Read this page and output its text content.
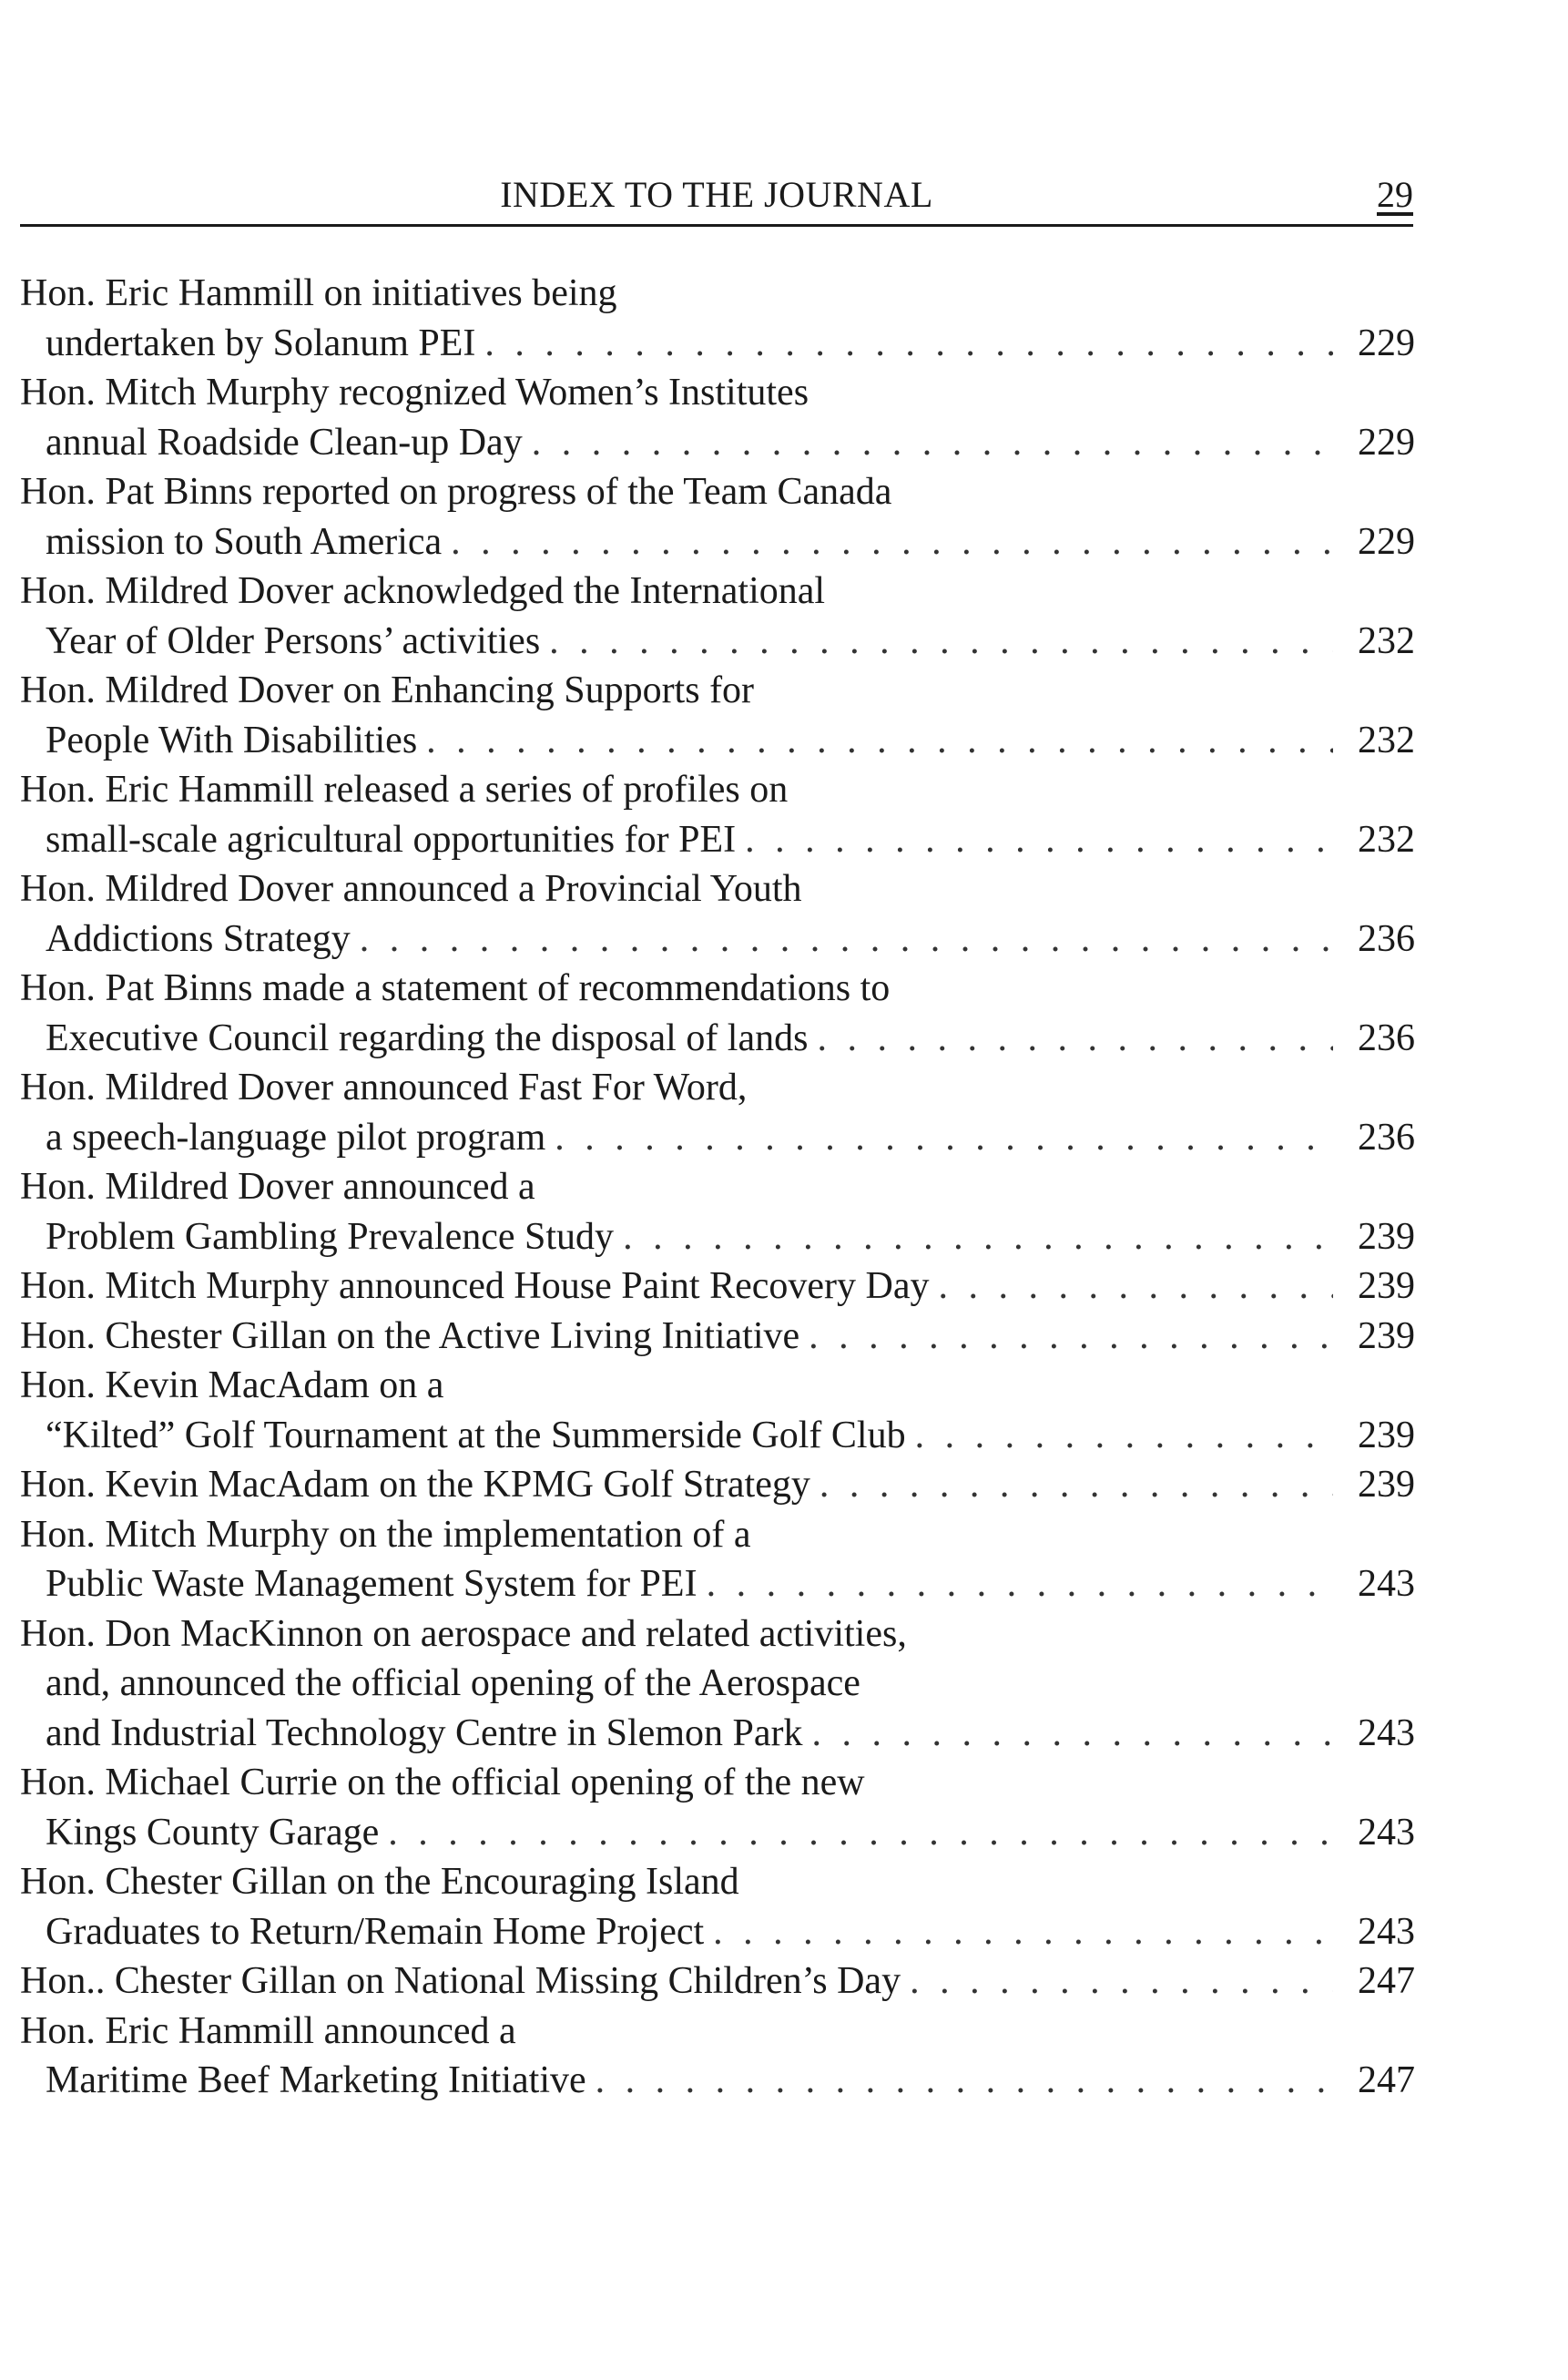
INDEX TO THE JOURNAL	29
Hon. Eric Hammill on initiatives being
undertaken by Solanum PEI . . .	229
Hon. Mitch Murphy recognized Women’s Institutes
annual Roadside Clean-up Day . . .	229
Hon. Pat Binns reported on progress of the Team Canada
mission to South America . . .	229
Hon. Mildred Dover acknowledged the International
Year of Older Persons’ activities . . .	232
Hon. Mildred Dover on Enhancing Supports for
People With Disabilities . . .	232
Hon. Eric Hammill released a series of profiles on
small-scale agricultural opportunities for PEI . . .	232
Hon. Mildred Dover announced a Provincial Youth
Addictions Strategy . . .	236
Hon. Pat Binns made a statement of recommendations to
Executive Council regarding the disposal of lands . . .	236
Hon. Mildred Dover announced Fast For Word,
a speech-language pilot program . . .	236
Hon. Mildred Dover announced a
Problem Gambling Prevalence Study . . .	239
Hon. Mitch Murphy announced House Paint Recovery Day . . .	239
Hon. Chester Gillan on the Active Living Initiative . . .	239
Hon. Kevin MacAdam on a
“Kilted” Golf Tournament at the Summerside Golf Club . . .	239
Hon. Kevin MacAdam on the KPMG Golf Strategy . . .	239
Hon. Mitch Murphy on the implementation of a
Public Waste Management System for PEI . . .	243
Hon. Don MacKinnon on aerospace and related activities,
and, announced the official opening of the Aerospace
and Industrial Technology Centre in Slemon Park . . .	243
Hon. Michael Currie on the official opening of the new
Kings County Garage . . .	243
Hon. Chester Gillan on the Encouraging Island
Graduates to Return/Remain Home Project . . .	243
Hon.. Chester Gillan on National Missing Children’s Day . . .	247
Hon. Eric Hammill announced a
Maritime Beef Marketing Initiative . . .	247
